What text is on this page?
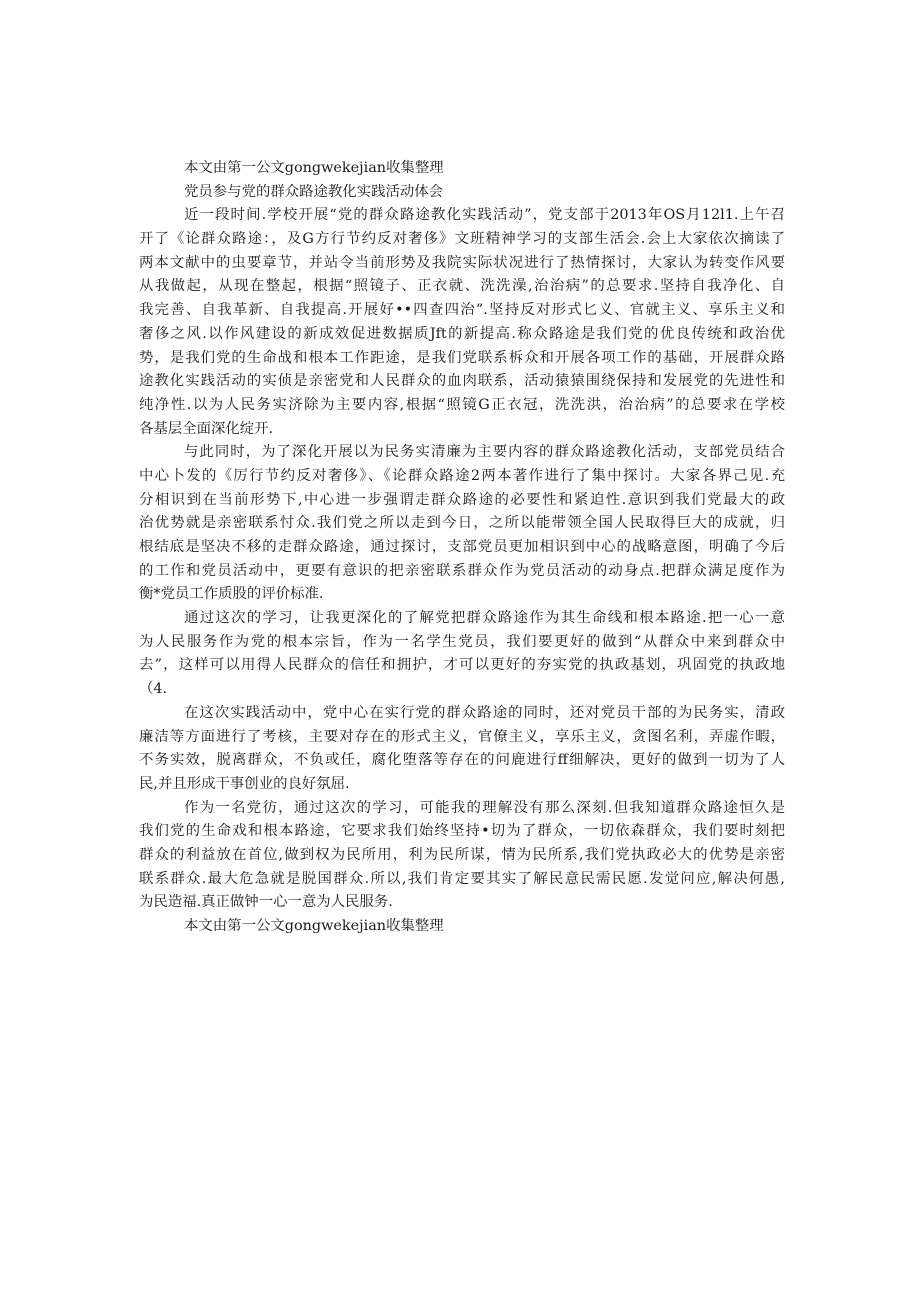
本文由第一公文gongwekejian收集整理
党员参与党的群众路途教化实践活动体会
近一段时间.学校开展“党的群众路途教化实践活动”，党支部于2013年OS月12l1.上午召
开了《论群众路途：，及G方行节约反对奢侈》文班精神学习的支部生活会.会上大家依次摘读了
两本文献中的虫要章节，并站令当前形势及我院实际状况进行了热情探讨，大家认为转变作风要
从我做起，从现在整起，根据“照镜子、正衣就、洗洗澡,治治病”的总要求.坚持自我净化、自
我完善、自我革新、自我提高.开展好••四查四治”.坚持反对形式匕义、官就主义、享乐主义和
奢侈之风.以作风建设的新成效促进数据质Jft的新提高.称众路途是我们党的优良传统和政治优
势，是我们党的生命战和根本工作距途，是我们党联系柝众和开展各项工作的基础，开展群众路
途教化实践活动的实侦是亲密党和人民群众的血肉联系，活动猿猿围绕保持和发展党的先进性和
纯净性.以为人民务实济除为主要内容,根据“照镜G正衣冠，洗洗洪，治治病”的总要求在学校
各基层全面深化绽开.
与此同时，为了深化开展以为民务实清廉为主要内容的群众路途教化活动，支部党员结合
中心卜发的《厉行节约反对奢侈》、《论群众路途2两本著作进行了集中探讨。大家各界己见.充
分相识到在当前形势下,中心进一步强谓走群众路途的必要性和紧迫性.意识到我们党最大的政
治优势就是亲密联系忖众.我们党之所以走到今日，之所以能带领全国人民取得巨大的成就，归
根结底是坚决不移的走群众路途，通过探讨，支部党员更加相识到中心的战略意图，明确了今后
的工作和党员活动中，更要有意识的把亲密联系群众作为党员活动的动身点.把群众满足度作为
衡*党员工作质股的评价标准.
通过这次的学习，让我更深化的了解党把群众路途作为其生命线和根本路途.把一心一意
为人民服务作为党的根本宗旨，作为一名学生党员，我们要更好的做到“从群众中来到群众中
去”，这样可以用得人民群众的信任和拥护，才可以更好的夯实党的执政基划，巩固党的执政地
（4.
在这次实践活动中，党中心在实行党的群众路途的同时，还对党员干部的为民务实，清政
廉洁等方面进行了考核，主要对存在的形式主义，官僚主义，享乐主义，贪图名利，弄虚作暇，
不务实效，脱离群众，不负或任，腐化堕落等存在的问鹿进行ff细解决，更好的做到一切为了人
民,并且形成干事创业的良好氛屈.
作为一名党彷，通过这次的学习，可能我的理解没有那么深刻.但我知道群众路途恒久是
我们党的生命戏和根本路途，它要求我们始终坚持•切为了群众，一切依森群众，我们要时刻把
群众的利益放在首位,做到权为民所用，利为民所谋，情为民所系,我们党执政必大的优势是亲密
联系群众.最大危急就是脱国群众.所以,我们肯定要其实了解民意民需民愿.发觉问应,解决何愚,
为民造福.真正做钟一心一意为人民服务.
本文由第一公文gongwekejian收集整理
